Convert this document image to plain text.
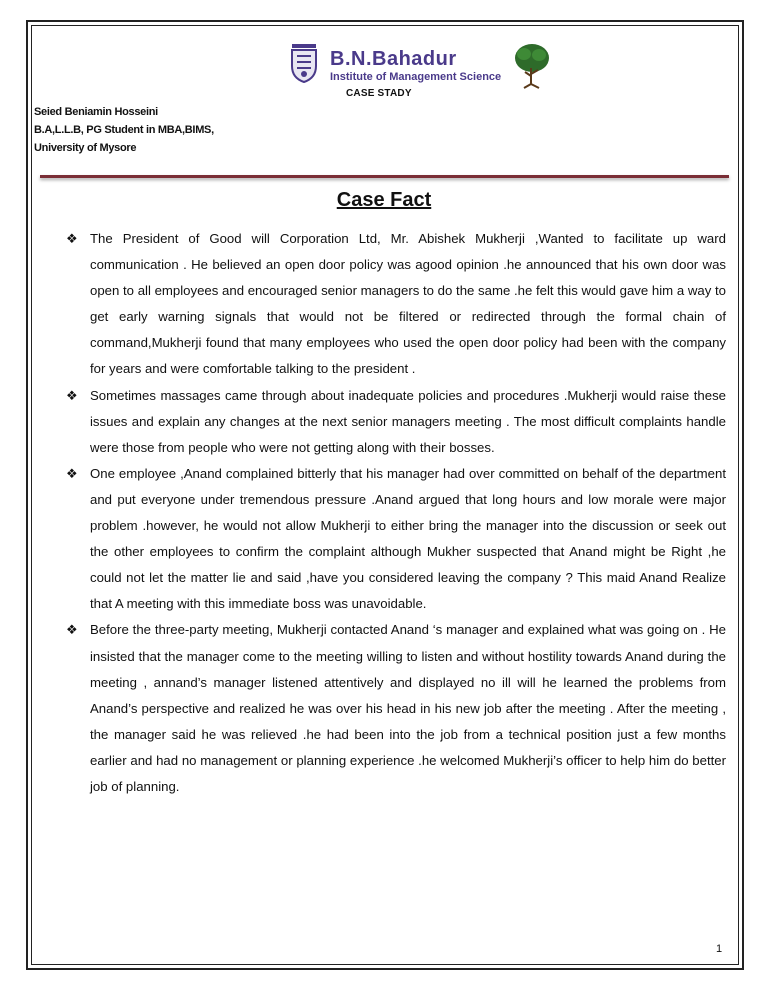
B.N.Bahadur
Institute of Management Science
CASE STADY
Seied Beniamin Hosseini
B.A,L.L.B, PG Student in MBA,BIMS,
University of Mysore
Case Fact
❖ The President of Good will Corporation Ltd, Mr. Abishek Mukherji ,Wanted to facilitate up ward communication . He believed an open door policy was agood opinion .he announced that his own door was open to all employees and encouraged senior managers to do the same .he felt this would gave him a way to get early warning signals that would not be filtered or redirected through the formal chain of command,Mukherji found that many employees who used the open door policy had been with the company for years and were comfortable talking to the president .
❖ Sometimes massages came through about inadequate policies and procedures .Mukherji would raise these issues and explain any changes at the next senior managers meeting . The most difficult complaints handle were those from people who were not getting along with their bosses.
❖ One employee ,Anand complained bitterly that his manager had over committed on behalf of the department and put everyone under tremendous pressure .Anand argued that long hours and low morale were major problem .however, he would not allow Mukherji to either bring the manager into the discussion or seek out the other employees to confirm the complaint although Mukher suspected that Anand might be Right ,he could not let the matter lie and said ,have you considered leaving the company ? This maid Anand Realize that A meeting with this immediate boss was unavoidable.
❖ Before the three-party meeting, Mukherji contacted Anand ‘s manager and explained what was going on . He insisted that the manager come to the meeting willing to listen and without hostility towards Anand during the meeting , annand’s manager listened attentively and displayed no ill will he learned the problems from Anand’s perspective and realized he was over his head in his new job after the meeting . After the meeting , the manager said he was relieved .he had been into the job from a technical position just a few months earlier and had no management or planning experience .he welcomed Mukherji’s officer to help him do better job of planning.
1
